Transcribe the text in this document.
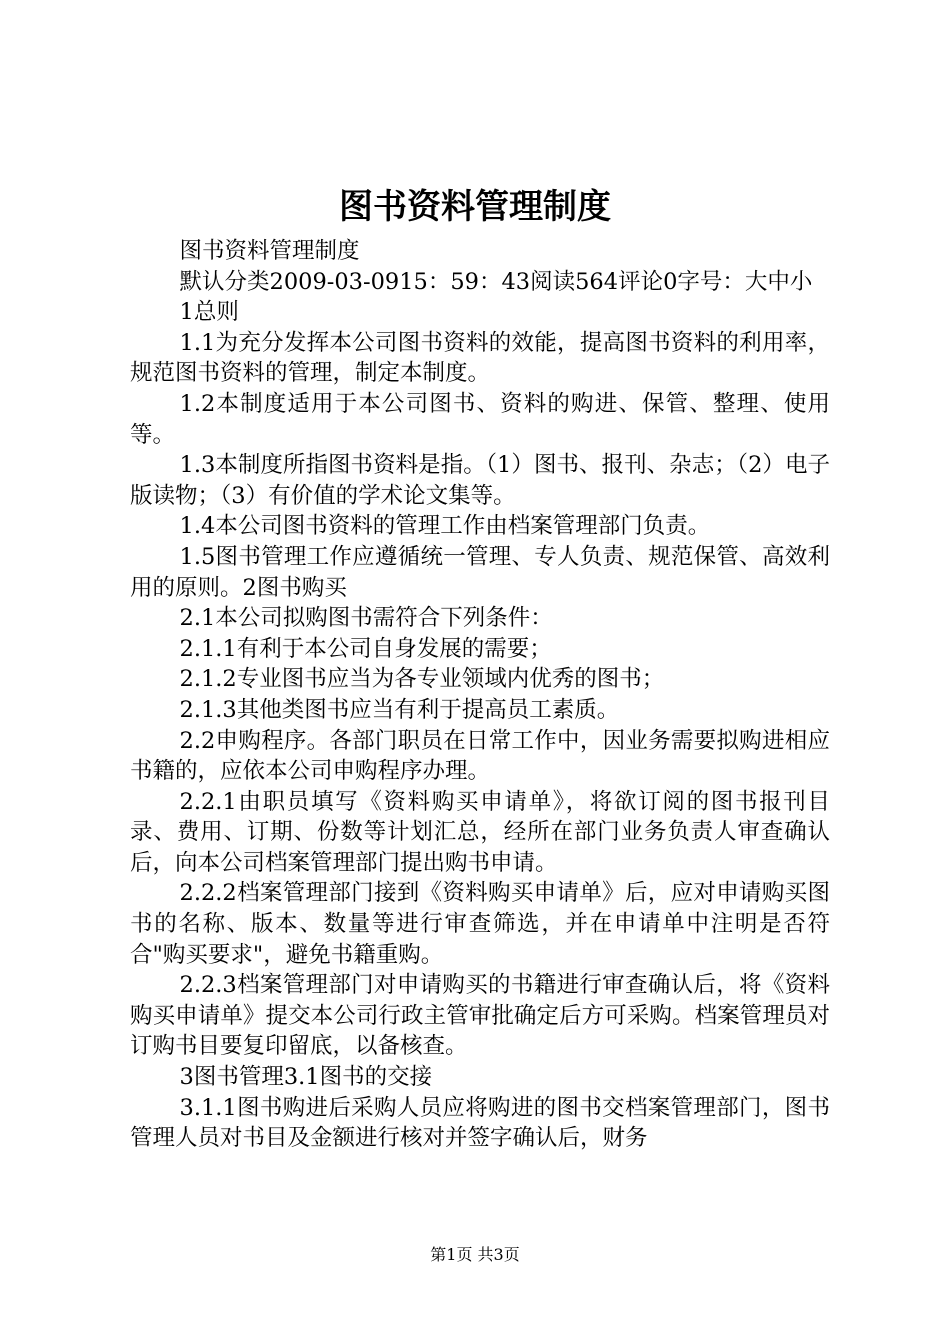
图书资料管理制度

图书资料管理制度

默认分类2009-03-0915：59：43阅读564评论0字号：大中小

1总则

1.1为充分发挥本公司图书资料的效能，提高图书资料的利用率，规范图书资料的管理，制定本制度。

1.2本制度适用于本公司图书、资料的购进、保管、整理、使用等。

1.3本制度所指图书资料是指。（1）图书、报刊、杂志；（2）电子版读物；（3）有价值的学术论文集等。

1.4本公司图书资料的管理工作由档案管理部门负责。

1.5图书管理工作应遵循统一管理、专人负责、规范保管、高效利用的原则。2图书购买

2.1本公司拟购图书需符合下列条件：

2.1.1有利于本公司自身发展的需要；

2.1.2专业图书应当为各专业领域内优秀的图书；

2.1.3其他类图书应当有利于提高员工素质。

2.2申购程序。各部门职员在日常工作中，因业务需要拟购进相应书籍的，应依本公司申购程序办理。

2.2.1由职员填写《资料购买申请单》，将欲订阅的图书报刊目录、费用、订期、份数等计划汇总，经所在部门业务负责人审查确认后，向本公司档案管理部门提出购书申请。

2.2.2档案管理部门接到《资料购买申请单》后，应对申请购买图书的名称、版本、数量等进行审查筛选，并在申请单中注明是否符合"购买要求"，避免书籍重购。

2.2.3档案管理部门对申请购买的书籍进行审查确认后，将《资料购买申请单》提交本公司行政主管审批确定后方可采购。档案管理员对订购书目要复印留底，以备核查。

3图书管理3.1图书的交接

3.1.1图书购进后采购人员应将购进的图书交档案管理部门，图书管理人员对书目及金额进行核对并签字确认后，财务

第1页 共3页
